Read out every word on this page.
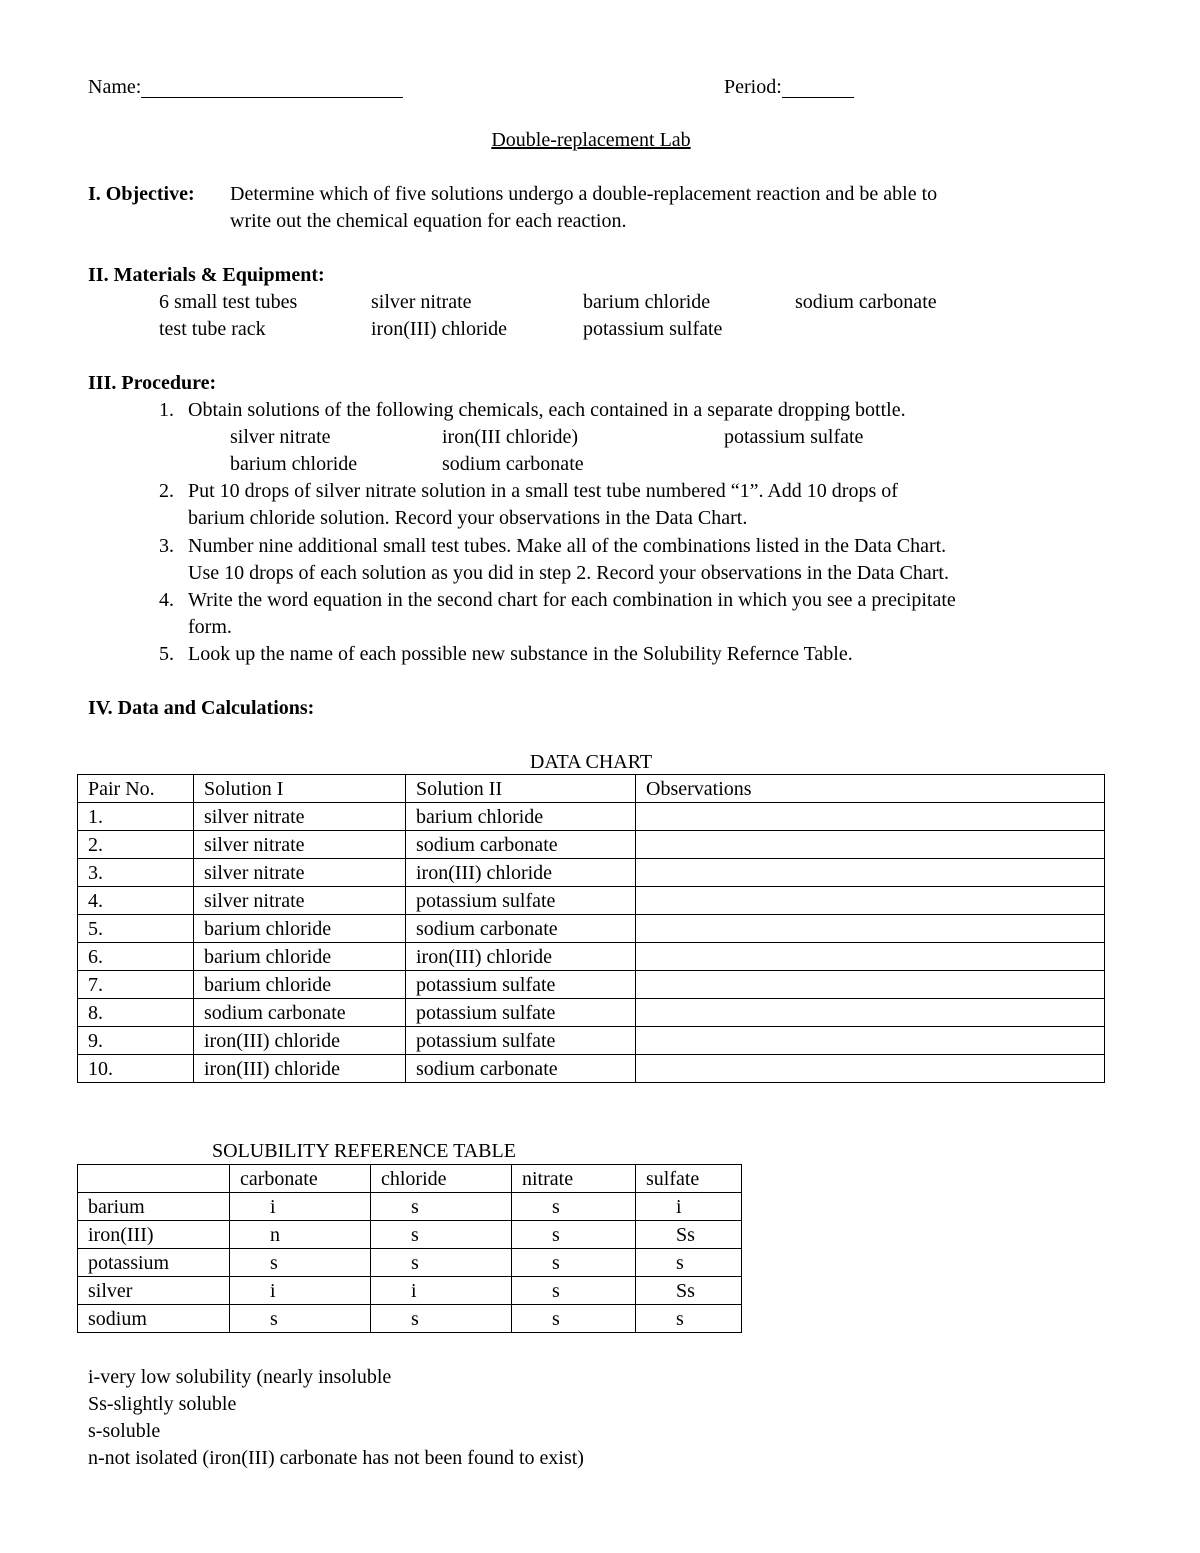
Name:	Period:
Double-replacement Lab
I. Objective: Determine which of five solutions undergo a double-replacement reaction and be able to
write out the chemical equation for each reaction.
II. Materials & Equipment:
6 small test tubes	silver nitrate	barium chloride	sodium carbonate
test tube rack	iron(III) chloride	potassium sulfate
III. Procedure:
1. Obtain solutions of the following chemicals, each contained in a separate dropping bottle.
silver nitrate	iron(III chloride)	potassium sulfate
barium chloride	sodium carbonate
2. Put 10 drops of silver nitrate solution in a small test tube numbered “1”. Add 10 drops of
barium chloride solution. Record your observations in the Data Chart.
3. Number nine additional small test tubes. Make all of the combinations listed in the Data Chart.
Use 10 drops of each solution as you did in step 2. Record your observations in the Data Chart.
4. Write the word equation in the second chart for each combination in which you see a precipitate
form.
5. Look up the name of each possible new substance in the Solubility Refernce Table.
IV. Data and Calculations:
DATA CHART
Pair No.	Solution I	Solution II	Observations
1.	silver nitrate	barium chloride	
2.	silver nitrate	sodium carbonate	
3.	silver nitrate	iron(III) chloride	
4.	silver nitrate	potassium sulfate	
5.	barium chloride	sodium carbonate	
6.	barium chloride	iron(III) chloride	
7.	barium chloride	potassium sulfate	
8.	sodium carbonate	potassium sulfate	
9.	iron(III) chloride	potassium sulfate	
10.	iron(III) chloride	sodium carbonate	
SOLUBILITY REFERENCE TABLE
	carbonate	chloride	nitrate	sulfate
barium	i	s	s	i
iron(III)	n	s	s	Ss
potassium	s	s	s	s
silver	i	i	s	Ss
sodium	s	s	s	s
i-very low solubility (nearly insoluble
Ss-slightly soluble
s-soluble
n-not isolated (iron(III) carbonate has not been found to exist)
